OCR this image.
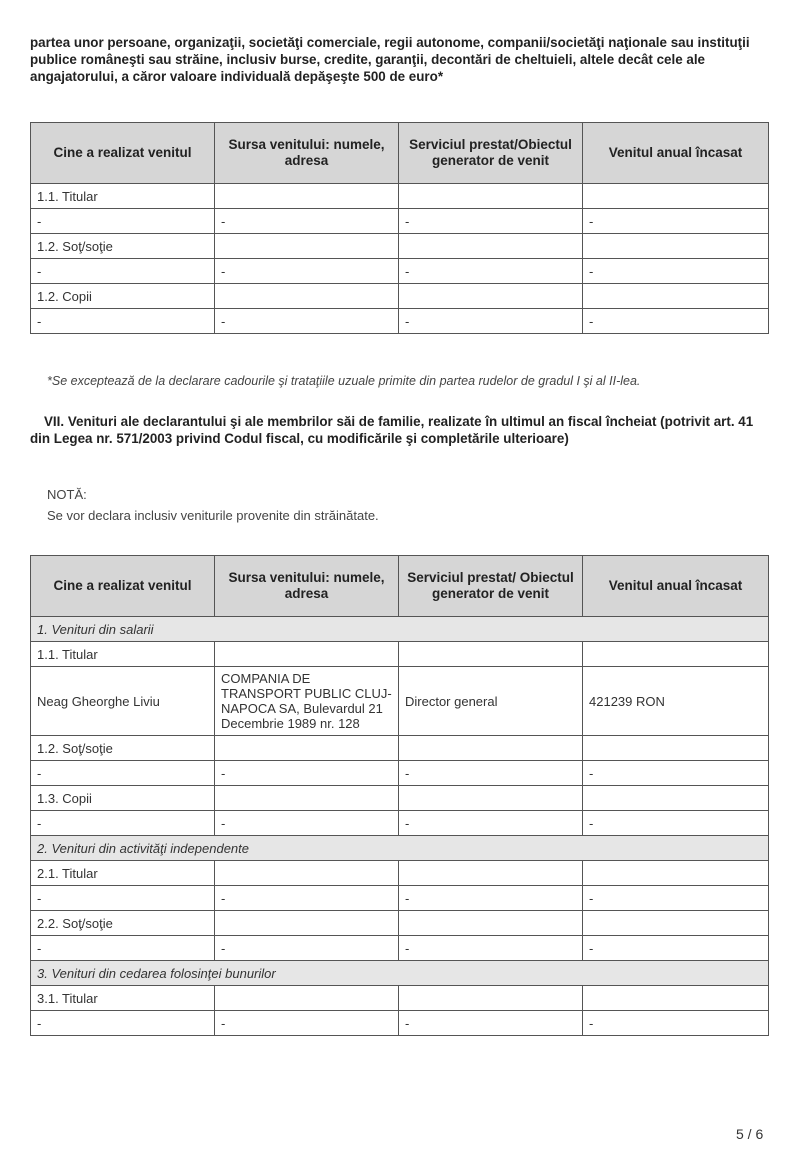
partea unor persoane, organizaţii, societăţi comerciale, regii autonome, companii/societăţi naţionale sau instituţii publice româneşti sau străine, inclusiv burse, credite, garanţii, decontări de cheltuieli, altele decât cele ale angajatorului, a căror valoare individuală depăşeşte 500 de euro*

Cine a realizat venitul	Sursa venitului: numele, adresa	Serviciul prestat/Obiectul generator de venit	Venitul anual încasat
1.1. Titular			
-	-	-	-
1.2. Soţ/soţie			
-	-	-	-
1.2. Copii			
-	-	-	-

*Se exceptează de la declarare cadourile şi trataţiile uzuale primite din partea rudelor de gradul I şi al II-lea.

VII. Venituri ale declarantului şi ale membrilor săi de familie, realizate în ultimul an fiscal încheiat (potrivit art. 41 din Legea nr. 571/2003 privind Codul fiscal, cu modificările şi completările ulterioare)

NOTĂ:

Se vor declara inclusiv veniturile provenite din străinătate.

Cine a realizat venitul	Sursa venitului: numele, adresa	Serviciul prestat/ Obiectul generator de venit	Venitul anual încasat
1. Venituri din salarii			
1.1. Titular			
Neag Gheorghe Liviu	COMPANIA DE TRANSPORT PUBLIC CLUJ-NAPOCA SA, Bulevardul 21 Decembrie 1989 nr. 128	Director general	421239 RON
1.2. Soţ/soţie			
-	-	-	-
1.3. Copii			
-	-	-	-
2. Venituri din activităţi independente			
2.1. Titular			
-	-	-	-
2.2. Soţ/soţie			
-	-	-	-
3. Venituri din cedarea folosinţei bunurilor			
3.1. Titular			
-	-	-	-

5 / 6
